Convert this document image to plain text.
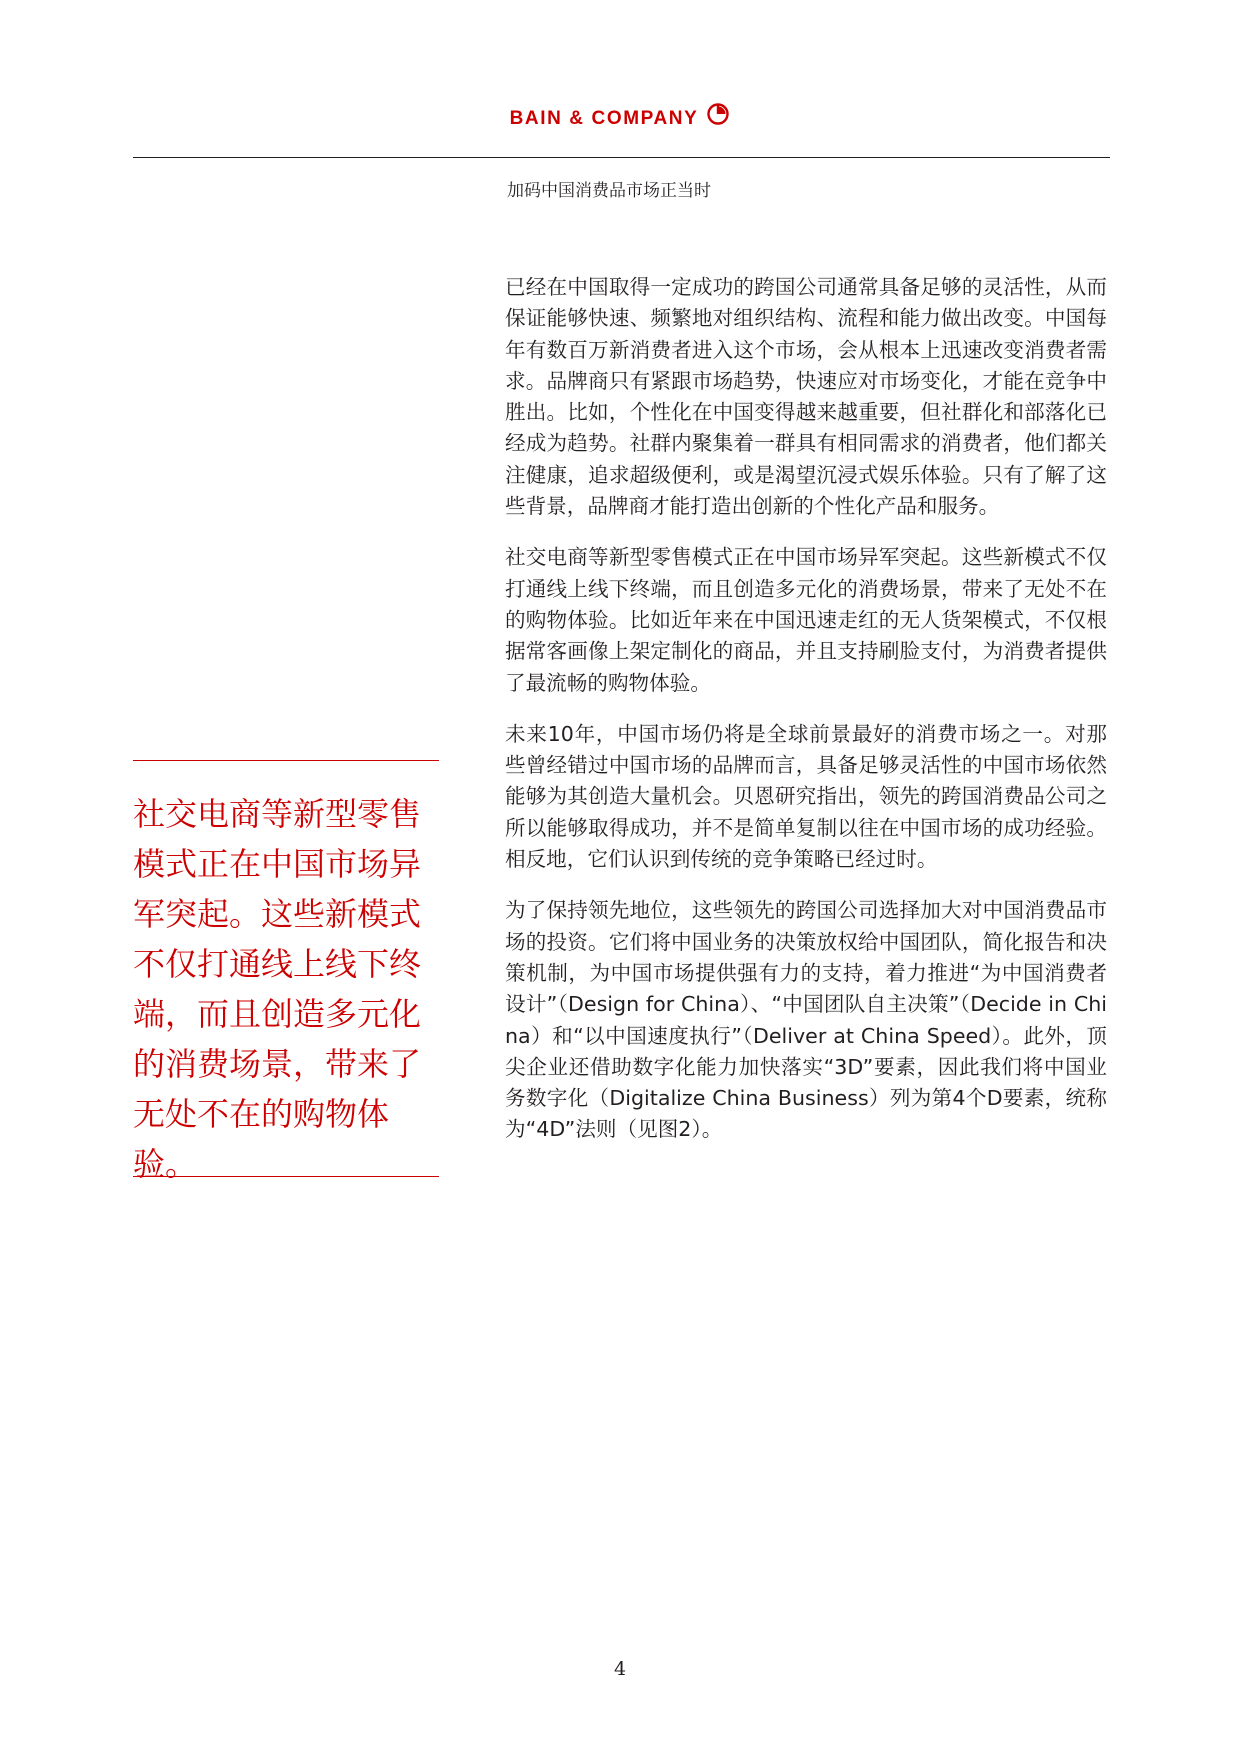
BAIN & COMPANY
加码中国消费品市场正当时

社交电商等新型零售模式正在中国市场异军突起。这些新模式不仅打通线上线下终端，而且创造多元化的消费场景，带来了无处不在的购物体验。

已经在中国取得一定成功的跨国公司通常具备足够的灵活性，从而保证能够快速、频繁地对组织结构、流程和能力做出改变。中国每年有数百万新消费者进入这个市场，会从根本上迅速改变消费者需求。品牌商只有紧跟市场趋势，快速应对市场变化，才能在竞争中胜出。比如，个性化在中国变得越来越重要，但社群化和部落化已经成为趋势。社群内聚集着一群具有相同需求的消费者，他们都关注健康，追求超级便利，或是渴望沉浸式娱乐体验。只有了解了这些背景，品牌商才能打造出创新的个性化产品和服务。

社交电商等新型零售模式正在中国市场异军突起。这些新模式不仅打通线上线下终端，而且创造多元化的消费场景，带来了无处不在的购物体验。比如近年来在中国迅速走红的无人货架模式，不仅根据常客画像上架定制化的商品，并且支持刷脸支付，为消费者提供了最流畅的购物体验。

未来10年，中国市场仍将是全球前景最好的消费市场之一。对那些曾经错过中国市场的品牌而言，具备足够灵活性的中国市场依然能够为其创造大量机会。贝恩研究指出，领先的跨国消费品公司之所以能够取得成功，并不是简单复制以往在中国市场的成功经验。相反地，它们认识到传统的竞争策略已经过时。

为了保持领先地位，这些领先的跨国公司选择加大对中国消费品市场的投资。它们将中国业务的决策放权给中国团队，简化报告和决策机制，为中国市场提供强有力的支持，着力推进“为中国消费者设计”（Design for China）、“中国团队自主决策”（Decide in China）和“以中国速度执行”（Deliver at China Speed）。此外，顶尖企业还借助数字化能力加快落实“3D”要素，因此我们将中国业务数字化（Digitalize China Business）列为第4个D要素，统称为“4D”法则（见图2）。

4
